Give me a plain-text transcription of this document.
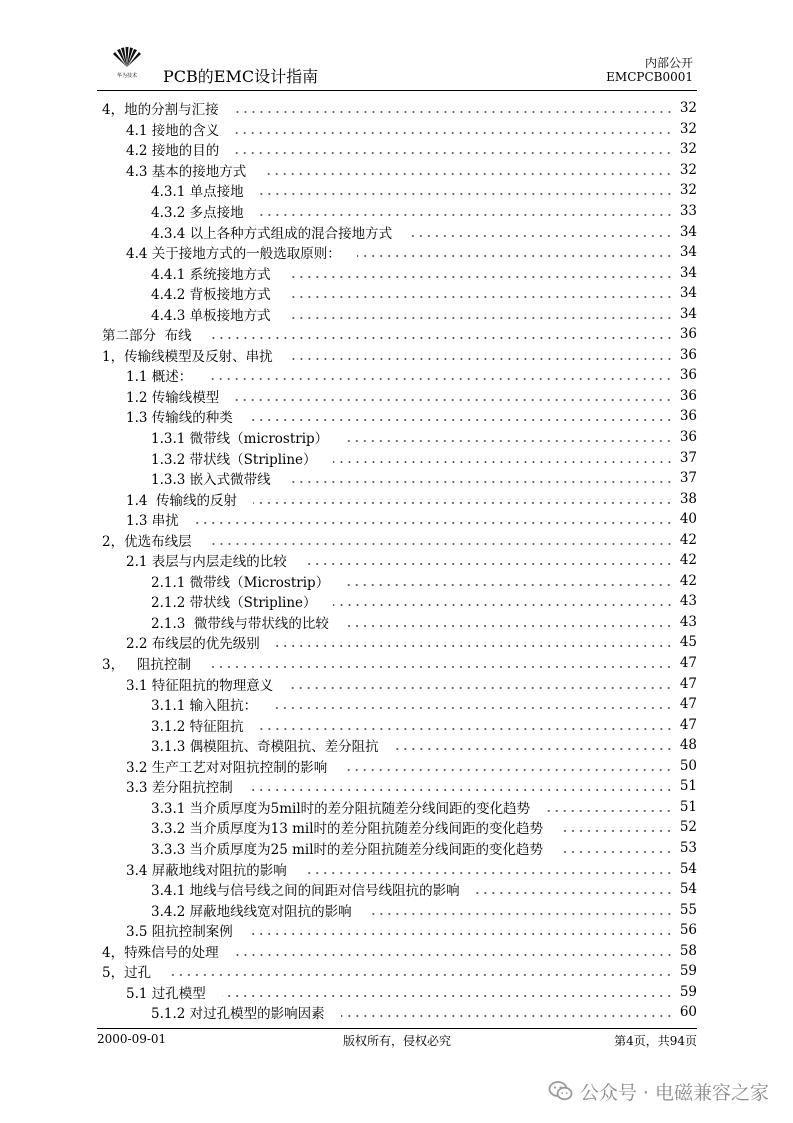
华为技术 PCB的EMC设计指南
内部公开
EMCPCB0001
4，地的分割与汇接	32
4.1 接地的含义	32
4.2 接地的目的	32
4.3 基本的接地方式	32
4.3.1 单点接地	32
4.3.2 多点接地	33
4.3.4 以上各种方式组成的混合接地方式	34
4.4 关于接地方式的一般选取原则：	34
4.4.1 系统接地方式	34
4.4.2 背板接地方式	34
4.4.3 单板接地方式	34
第二部分  布线	36
1，传输线模型及反射、串扰	36
1.1 概述：	36
1.2 传输线模型	36
1.3 传输线的种类	36
1.3.1 微带线（microstrip）	36
1.3.2 带状线（Stripline）	37
1.3.3 嵌入式微带线	37
1.4  传输线的反射	38
1.3 串扰	40
2，优选布线层	42
2.1 表层与内层走线的比较	42
2.1.1 微带线（Microstrip）	42
2.1.2 带状线（Stripline）	43
2.1.3  微带线与带状线的比较	43
2.2 布线层的优先级别	45
3，   阻抗控制	47
3.1 特征阻抗的物理意义	47
3.1.1 输入阻抗：	47
3.1.2 特征阻抗	47
3.1.3 偶模阻抗、奇模阻抗、差分阻抗	48
3.2 生产工艺对对阻抗控制的影响	50
3.3 差分阻抗控制	51
3.3.1 当介质厚度为5mil时的差分阻抗随差分线间距的变化趋势	51
3.3.2 当介质厚度为13 mil时的差分阻抗随差分线间距的变化趋势	52
3.3.3 当介质厚度为25 mil时的差分阻抗随差分线间距的变化趋势	53
3.4 屏蔽地线对阻抗的影响	54
3.4.1 地线与信号线之间的间距对信号线阻抗的影响	54
3.4.2 屏蔽地线线宽对阻抗的影响	55
3.5 阻抗控制案例	56
4，特殊信号的处理	58
5，过孔	59
5.1 过孔模型	59
5.1.2 对过孔模型的影响因素	60
2000-09-01	版权所有，侵权必究	第4页，共94页
公众号 · 电磁兼容之家
